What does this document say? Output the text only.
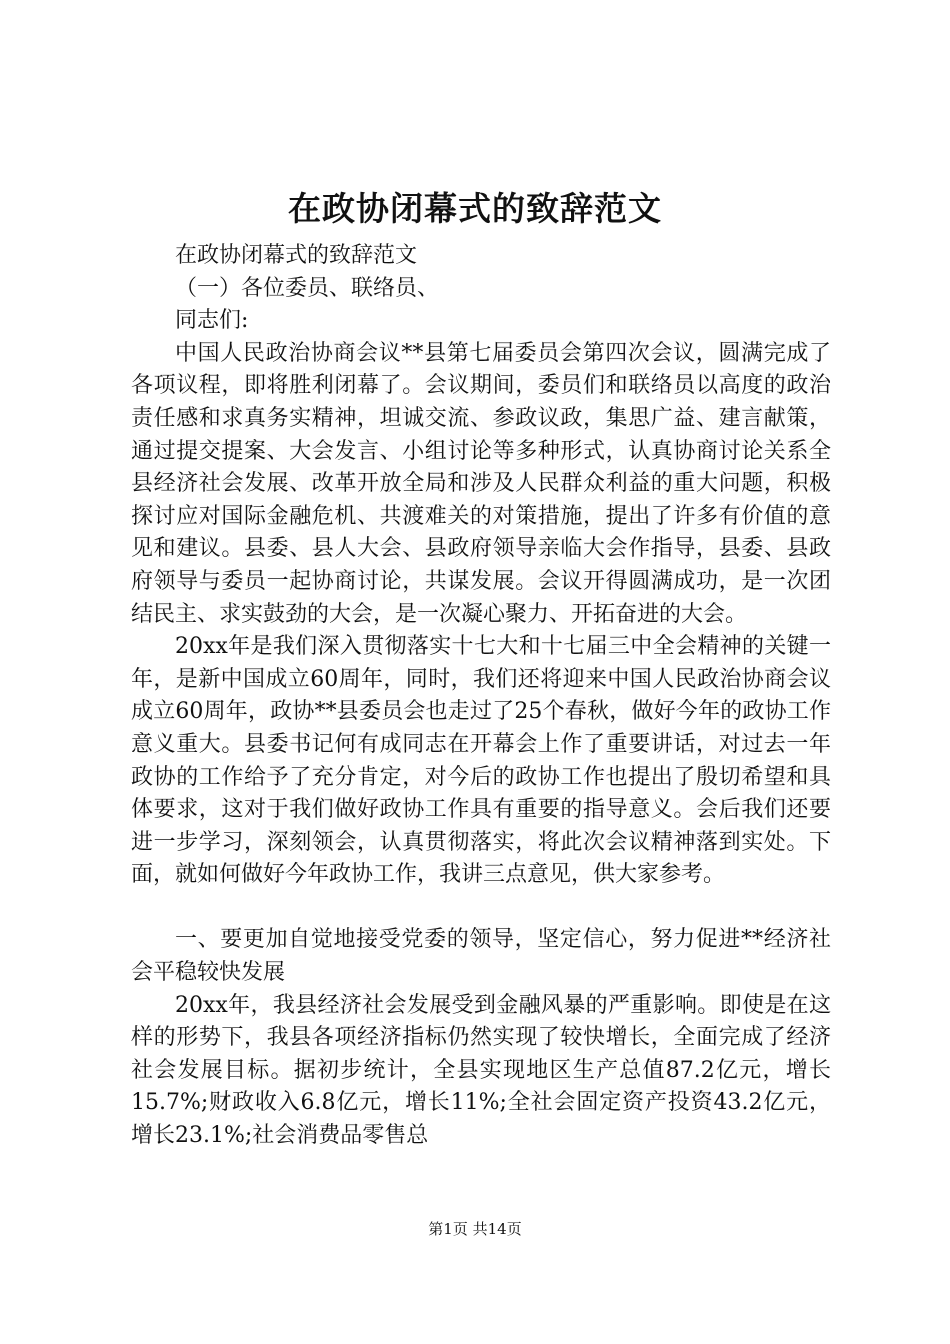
在政协闭幕式的致辞范文

在政协闭幕式的致辞范文

（一）各位委员、联络员、

同志们:

中国人民政治协商会议**县第七届委员会第四次会议，圆满完成了各项议程，即将胜利闭幕了。会议期间，委员们和联络员以高度的政治责任感和求真务实精神，坦诚交流、参政议政，集思广益、建言献策，通过提交提案、大会发言、小组讨论等多种形式，认真协商讨论关系全县经济社会发展、改革开放全局和涉及人民群众利益的重大问题，积极探讨应对国际金融危机、共渡难关的对策措施，提出了许多有价值的意见和建议。县委、县人大会、县政府领导亲临大会作指导，县委、县政府领导与委员一起协商讨论，共谋发展。会议开得圆满成功，是一次团结民主、求实鼓劲的大会，是一次凝心聚力、开拓奋进的大会。

20xx年是我们深入贯彻落实十七大和十七届三中全会精神的关键一年，是新中国成立60周年，同时，我们还将迎来中国人民政治协商会议成立60周年，政协**县委员会也走过了25个春秋，做好今年的政协工作意义重大。县委书记何有成同志在开幕会上作了重要讲话，对过去一年政协的工作给予了充分肯定，对今后的政协工作也提出了殷切希望和具体要求，这对于我们做好政协工作具有重要的指导意义。会后我们还要进一步学习，深刻领会，认真贯彻落实，将此次会议精神落到实处。下面，就如何做好今年政协工作，我讲三点意见，供大家参考。

一、要更加自觉地接受党委的领导，坚定信心，努力促进**经济社会平稳较快发展

20xx年，我县经济社会发展受到金融风暴的严重影响。即使是在这样的形势下，我县各项经济指标仍然实现了较快增长，全面完成了经济社会发展目标。据初步统计，全县实现地区生产总值87.2亿元，增长15.7%;财政收入6.8亿元，增长11%;全社会固定资产投资43.2亿元，增长23.1%;社会消费品零售总

第1页 共14页
